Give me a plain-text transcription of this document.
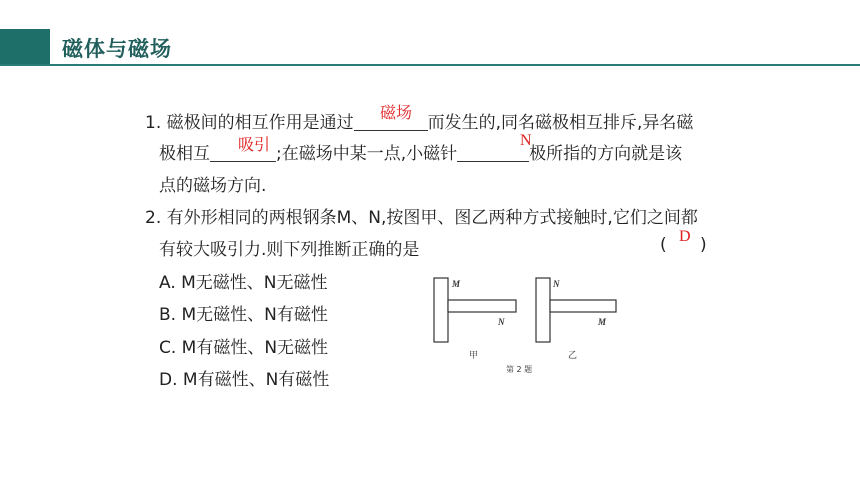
磁体与磁场
1. 磁极间的相互作用是通过	而发生的,同名磁极相互排斥,异名磁
磁场
极相互	;在磁场中某一点,小磁针	极所指的方向就是该
吸引	N
点的磁场方向.
2. 有外形相同的两根钢条M、N,按图甲、图乙两种方式接触时,它们之间都
有较大吸引力.则下列推断正确的是	( )
D
A. M无磁性、N无磁性
B. M无磁性、N有磁性
C. M有磁性、N无磁性
D. M有磁性、N有磁性
M
N
甲
N
M
乙
第 2 题
